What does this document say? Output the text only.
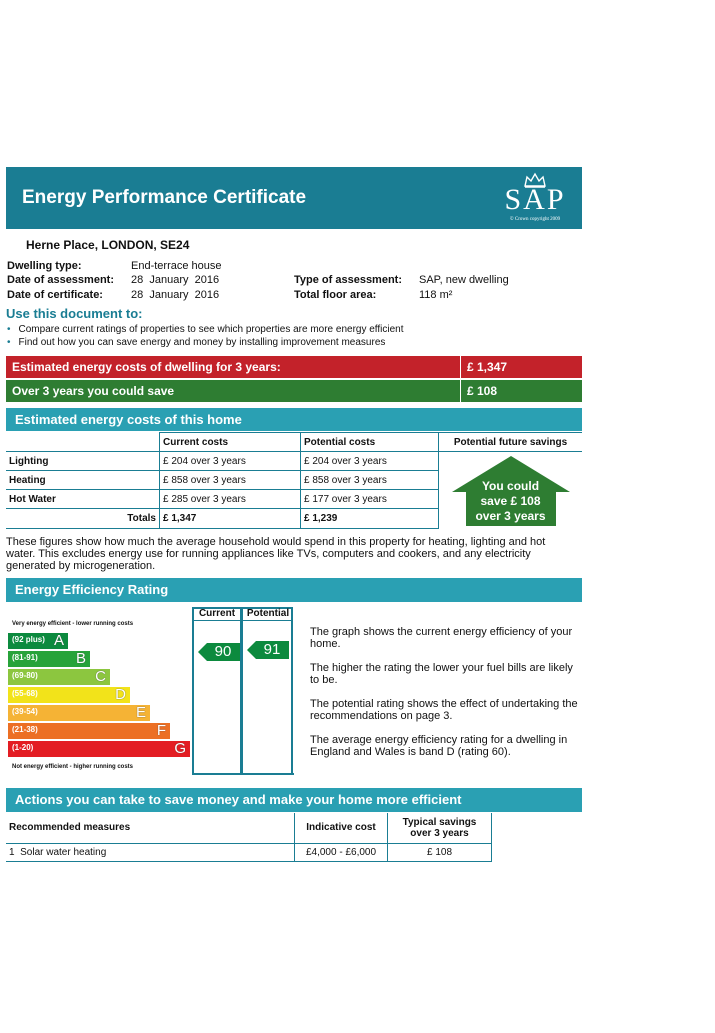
Energy Performance Certificate	SAP
© Crown copyright 2009
Herne Place, LONDON, SE24
Dwelling type:	End-terrace house
Date of assessment: 28  January  2016
Date of certificate:	28  January  2016
Type of assessment: SAP, new dwelling
Total floor area:	118 m²
Use this document to:
• Compare current ratings of properties to see which properties are more energy efficient
• Find out how you can save energy and money by installing improvement measures
Estimated energy costs of dwelling for 3 years:	£ 1,347
Over 3 years you could save	£ 108
Estimated energy costs of this home
	Current costs	Potential costs	Potential future savings
Lighting	£ 204 over 3 years	£ 204 over 3 years	You could
save £ 108
over 3 years

Heating	£ 858 over 3 years	£ 858 over 3 years	
Hot Water	£ 285 over 3 years	£ 177 over 3 years	
Totals	£ 1,347	£ 1,239	
These figures show how much the average household would spend in this property for heating, lighting and hot water. This excludes energy use for running appliances like TVs, computers and cookers, and any electricity generated by microgeneration.
Energy Efficiency Rating
Current	Potential
Very energy efficient - lower running costs
Not energy efficient - higher running costs
(92 plus) A
(81-91)	B
(69-80)	C
(55-68)	D
(39-54)	E
(21-38)	F
(1-20)	G
90	91
The graph shows the current energy efficiency of your home.
The higher the rating the lower your fuel bills are likely to be.
The potential rating shows the effect of undertaking the recommendations on page 3.
The average energy efficiency rating for a dwelling in England and Wales is band D (rating 60).
Actions you can take to save money and make your home more efficient
Recommended measures	Indicative cost	Typical savings over 3 years
1  Solar water heating	£4,000 - £6,000	£ 108
